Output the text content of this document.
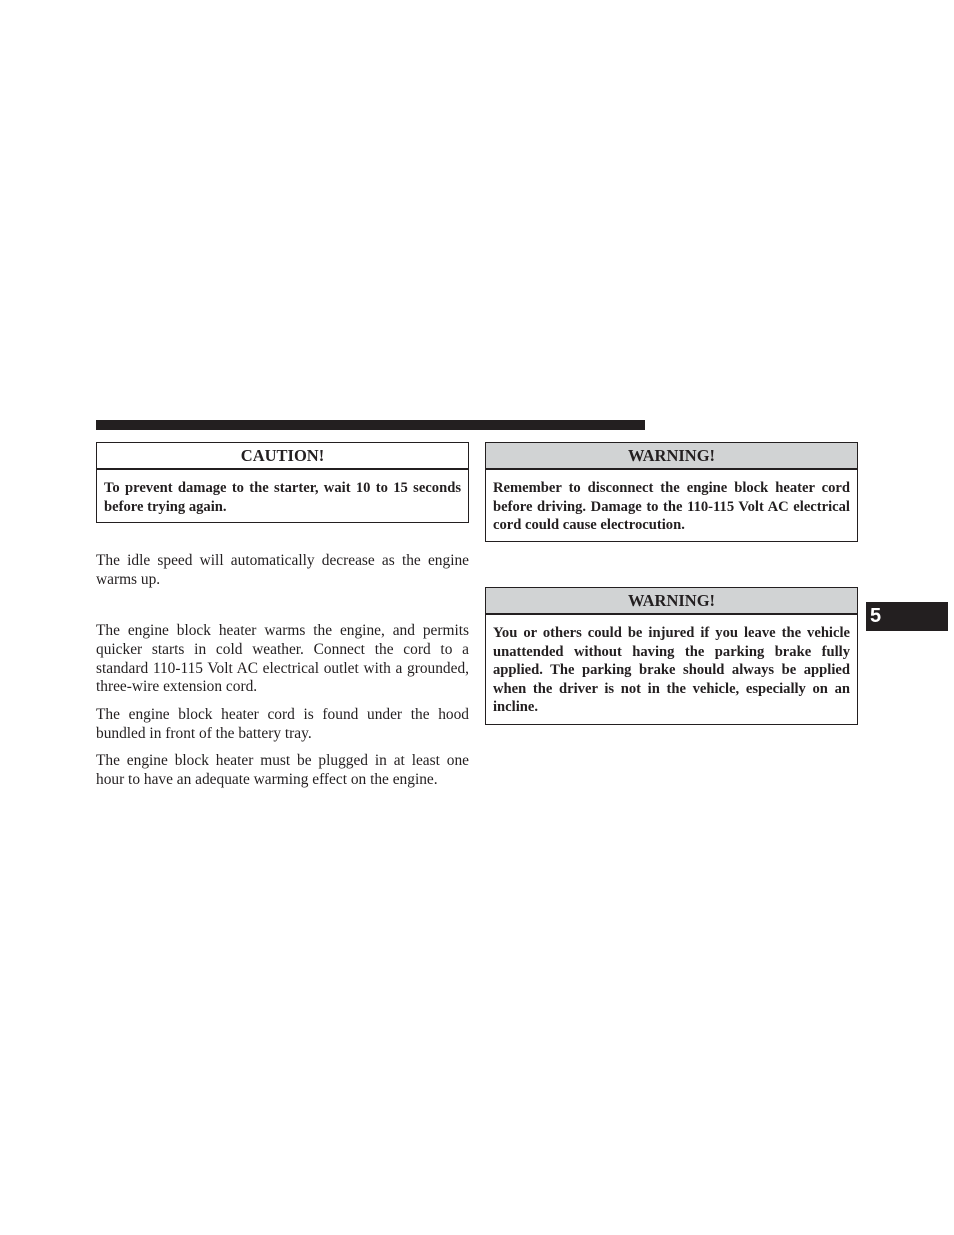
CAUTION!
To prevent damage to the starter, wait 10 to 15 seconds before trying again.

The idle speed will automatically decrease as the engine warms up.

The engine block heater warms the engine, and permits quicker starts in cold weather. Connect the cord to a standard 110-115 Volt AC electrical outlet with a grounded, three-wire extension cord.

The engine block heater cord is found under the hood bundled in front of the battery tray.

The engine block heater must be plugged in at least one hour to have an adequate warming effect on the engine.

WARNING!
Remember to disconnect the engine block heater cord before driving. Damage to the 110-115 Volt AC electrical cord could cause electrocution.
WARNING!
You or others could be injured if you leave the vehicle unattended without having the parking brake fully applied. The parking brake should always be applied when the driver is not in the vehicle, especially on an incline.
5
